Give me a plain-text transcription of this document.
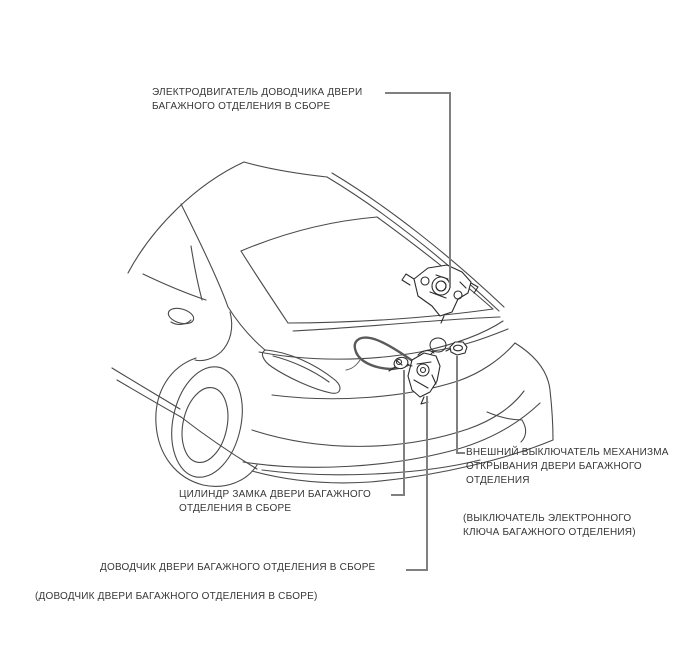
ЭЛЕКТРОДВИГАТЕЛЬ ДОВОДЧИКА ДВЕРИ
БАГАЖНОГО ОТДЕЛЕНИЯ В СБОРЕ
ВНЕШНИЙ ВЫКЛЮЧАТЕЛЬ МЕХАНИЗМА
ОТКРЫВАНИЯ ДВЕРИ БАГАЖНОГО
ОТДЕЛЕНИЯ
(ВЫКЛЮЧАТЕЛЬ ЭЛЕКТРОННОГО
КЛЮЧА БАГАЖНОГО ОТДЕЛЕНИЯ)
ЦИЛИНДР ЗАМКА ДВЕРИ БАГАЖНОГО
ОТДЕЛЕНИЯ В СБОРЕ
ДОВОДЧИК ДВЕРИ БАГАЖНОГО ОТДЕЛЕНИЯ В СБОРЕ
(ДОВОДЧИК ДВЕРИ БАГАЖНОГО ОТДЕЛЕНИЯ В СБОРЕ)
